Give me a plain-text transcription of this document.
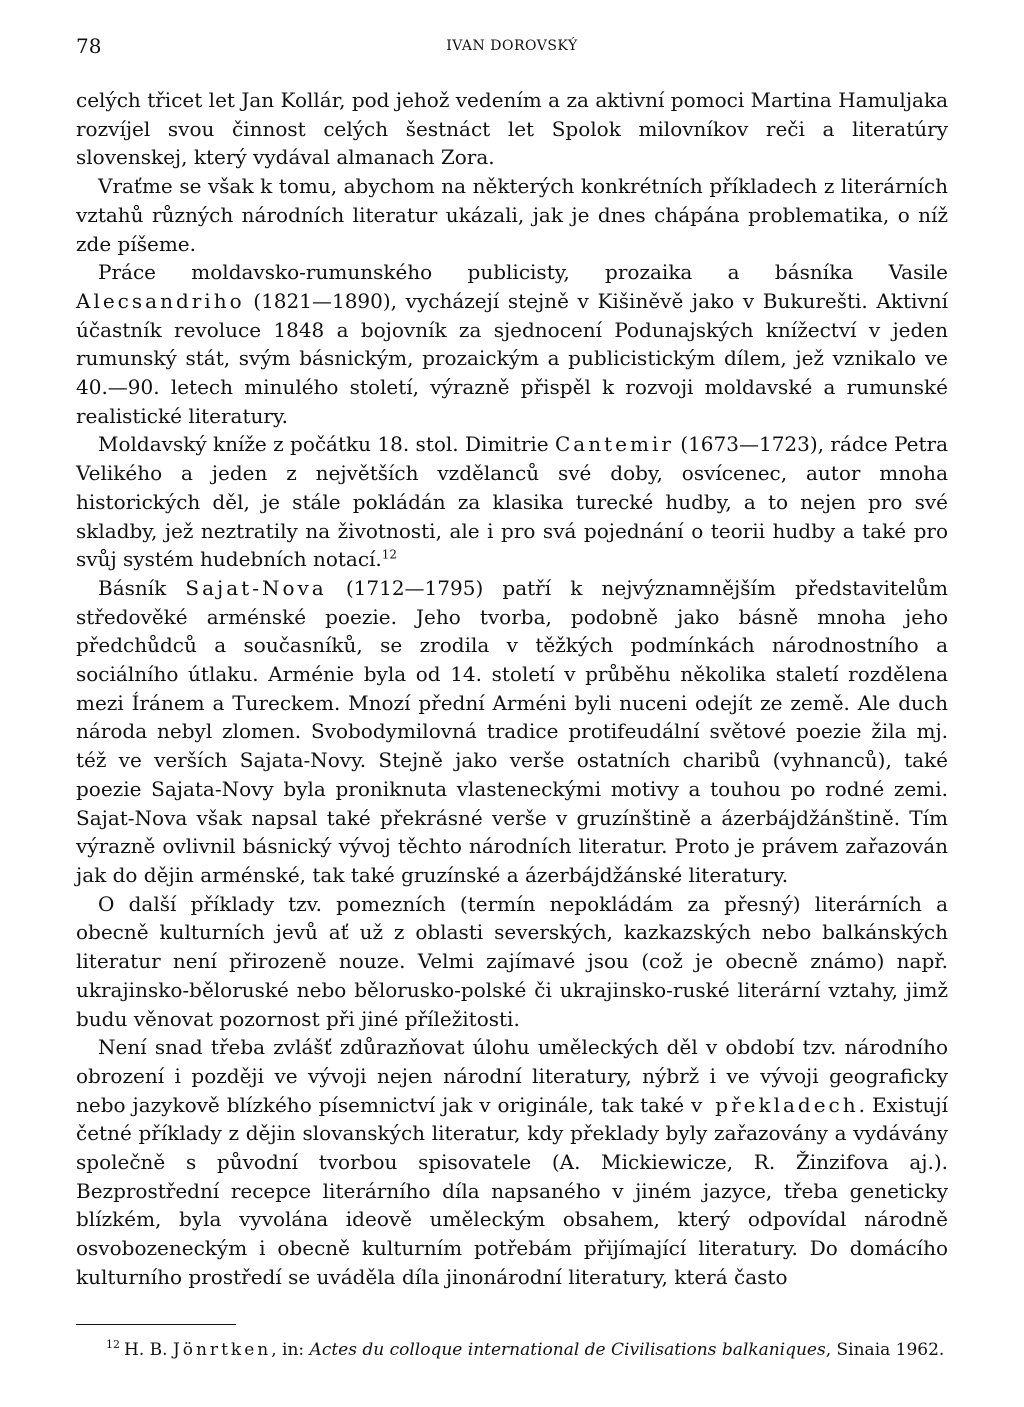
78	IVAN DOROVSKÝ

celých třicet let Jan Kollár, pod jehož vedením a za aktivní pomoci Martina Hamuljaka rozvíjel svou činnost celých šestnáct let Spolok milovníkov reči a literatúry slovenskej, který vydával almanach Zora.

Vraťme se však k tomu, abychom na některých konkrétních příkladech z literárních vztahů různých národních literatur ukázali, jak je dnes chápána problematika, o níž zde píšeme.

Práce moldavsko-rumunského publicisty, prozaika a básníka Vasile Alecsandriho (1821—1890), vycházejí stejně v Kišiněvě jako v Bukurešti. Aktivní účastník revoluce 1848 a bojovník za sjednocení Podunajských knížectví v jeden rumunský stát, svým básnickým, prozaickým a publicistickým dílem, jež vznikalo ve 40.—90. letech minulého století, výrazně přispěl k rozvoji moldavské a rumunské realistické literatury.

Moldavský kníže z počátku 18. stol. Dimitrie Cantemir (1673—1723), rádce Petra Velikého a jeden z největších vzdělanců své doby, osvícenec, autor mnoha historických děl, je stále pokládán za klasika turecké hudby, a to nejen pro své skladby, jež neztratily na životnosti, ale i pro svá pojednání o teorii hudby a také pro svůj systém hudebních notací.$^{12}$

Básník Sajat-Nova (1712—1795) patří k nejvýznamnějším představitelům středověké arménské poezie. Jeho tvorba, podobně jako básně mnoha jeho předchůdců a současníků, se zrodila v těžkých podmínkách národnostního a sociálního útlaku. Arménie byla od 14. století v průběhu několika staletí rozdělena mezi Íránem a Tureckem. Mnozí přední Arméni byli nuceni odejít ze země. Ale duch národa nebyl zlomen. Svobodymilovná tradice protifeudální světové poezie žila mj. též ve verších Sajata-Novy. Stejně jako verše ostatních charibů (vyhnanců), také poezie Sajata-Novy byla proniknuta vlasteneckými motivy a touhou po rodné zemi. Sajat-Nova však napsal také překrásné verše v gruzínštině a ázerbájdžánštině. Tím výrazně ovlivnil básnický vývoj těchto národních literatur. Proto je právem zařazován jak do dějin arménské, tak také gruzínské a ázerbájdžánské literatury.

O další příklady tzv. pomezních (termín nepokládám za přesný) literárních a obecně kulturních jevů ať už z oblasti severských, kazkazských nebo balkánských literatur není přirozeně nouze. Velmi zajímavé jsou (což je obecně známo) např. ukrajinsko-běloruské nebo bělorusko-polské či ukrajinsko-ruské literární vztahy, jimž budu věnovat pozornost při jiné příležitosti.

Není snad třeba zvlášť zdůrazňovat úlohu uměleckých děl v období tzv. národního obrození i později ve vývoji nejen národní literatury, nýbrž i ve vývoji geograficky nebo jazykově blízkého písemnictví jak v originále, tak také v překladech. Existují četné příklady z dějin slovanských literatur, kdy překlady byly zařazovány a vydávány společně s původní tvorbou spisovatele (A. Mickiewicze, R. Žinzifova aj.). Bezprostřední recepce literárního díla napsaného v jiném jazyce, třeba geneticky blízkém, byla vyvolána ideově uměleckým obsahem, který odpovídal národně osvobozeneckým i obecně kulturním potřebám přijímající literatury. Do domácího kulturního prostředí se uváděla díla jinonárodní literatury, která často

$^{12}$ H. B. Jönrtken, in: Actes du colloque international de Civilisations balkaniques, Sinaia 1962.
